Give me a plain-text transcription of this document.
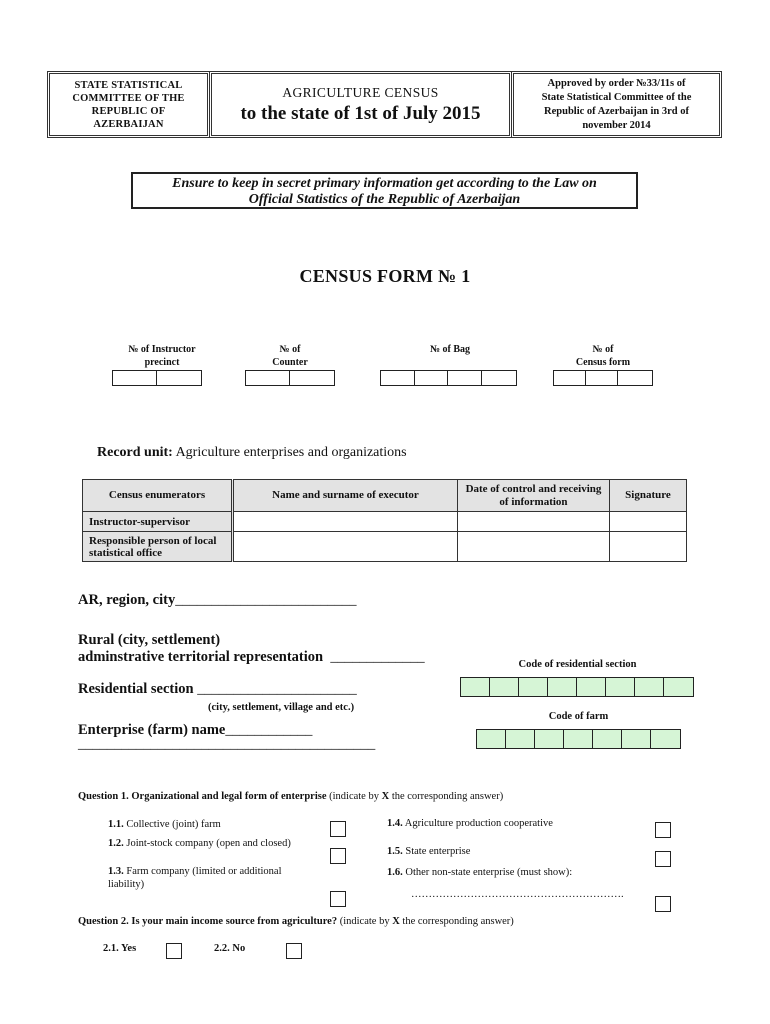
STATE STATISTICAL
COMMITTEE OF THE
REPUBLIC OF
AZERBAIJAN
AGRICULTURE CENSUS
to the state of 1st of July 2015
Approved by order №33/11s of
State Statistical Committee of the
Republic of Azerbaijan in 3rd of
november 2014
Ensure to keep in secret primary information get according to the Law on
Official Statistics of the Republic of Azerbaijan
CENSUS FORM № 1
№ of Instructor
precinct
№ of
Counter
№ of Bag	№ of
Census form
Record unit: Agriculture enterprises and organizations
Census enumerators	Name and surname of executor	Date of control and receiving of information	Signature
Instructor-supervisor			
Responsible person of local statistical office			
AR, region, city_________________________
Rural (city, settlement)
adminstrative territorial representation _____________	Code of residential section
Residential section ______________________
(city, settlement, village and etc.)
Code of farm
Enterprise (farm) name____________
_________________________________________
Question 1. Organizational and legal form of enterprise (indicate by X the corresponding answer)
1.1. Collective (joint) farm
1.2. Joint-stock company (open and closed)
1.3. Farm company (limited or additional liability)
1.4. Agriculture production cooperative
1.5. State enterprise
1.6. Other non-state enterprise (must show):
…………………………………………………….
Question 2. Is your main income source from agriculture? (indicate by X the corresponding answer)
2.1. Yes	2.2. No
